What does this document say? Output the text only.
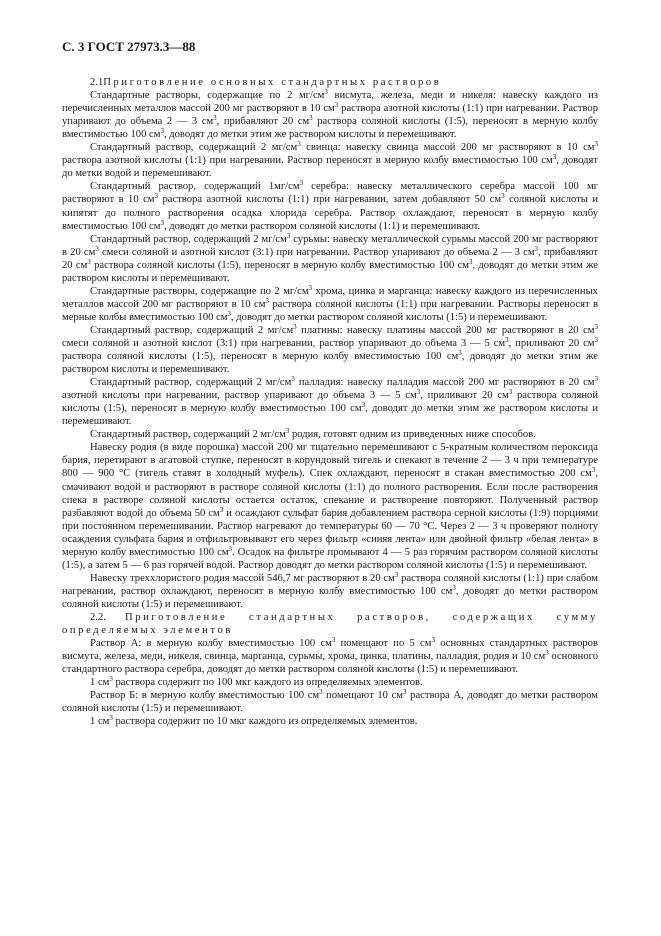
С. 3 ГОСТ 27973.3—88
2.1Приготовление основных стандартных растворов

Стандартные растворы, содержащие по 2 $мг/см^3$ висмута, железа, меди и никеля: навеску каждого из перечисленных металлов массой 200 мг растворяют в 10 $см^3$ раствора азотной кислоты (1:1) при нагревании. Раствор упаривают до объема 2 — 3 $см^3$, прибавляют 20 $см^3$ раствора соляной кислоты (1:5), переносят в мерную колбу вместимостью 100 $см^3$, доводят до метки этим же раствором кислоты и перемешивают.

Стандартный раствор, содержащий 2 $мг/см^3$ свинца: навеску свинца массой 200 мг растворяют в 10 $см^3$ раствора азотной кислоты (1:1) при нагревании. Раствор переносят в мерную колбу вместимостью 100 $см^3$, доводят до метки водой и перемешивают.

Стандартный раствор, содержащий $1мг/см^3$ серебра: навеску металлического серебра массой 100 мг растворяют в 10 $см^3$ раствора азотной кислоты (1:1) при нагревании, затем добавляют 50 $см^3$ соляной кислоты и кипятят до полного растворения осадка хлорида серебра. Раствор охлаждают, переносят в мерную колбу вместимостью 100 $см^3$, доводят до метки раствором соляной кислоты (1:1) и перемешивают.

Стандартный раствор, содержащий 2 $мг/см^3$ сурьмы: навеску металлической сурьмы массой 200 мг растворяют в 20 $см^3$ смеси соляной и азотной кислот (3:1) при нагревании. Раствор упаривают до объема 2 — 3 $см^3$, прибавляют 20 $см^3$ раствора соляной кислоты (1:5), переносят в мерную колбу вместимостью 100 $см^3$, доводят до метки этим же раствором кислоты и перемешивают.

Стандартные растворы, содержащие по 2 $мг/см^3$ хрома, цинка и марганца: навеску каждого из перечисленных металлов массой 200 мг растворяют в 10 $см^3$ раствора соляной кислоты (1:1) при нагревании. Растворы переносят в мерные колбы вместимостью 100 $см^3$, доводят до метки раствором соляной кислоты (1:5) и перемешивают.

Стандартный раствор, содержащий 2 $мг/см^3$ платины: навеску платины массой 200 мг растворяют в 20 $см^3$ смеси соляной и азотной кислот (3:1) при нагревании, раствор упаривают до объема 3 — 5 $см^3$, приливают 20 $см^3$ раствора соляной кислоты (1:5), переносят в мерную колбу вместимостью 100 $см^3$, доводят до метки этим же раствором кислоты и перемешивают.

Стандартный раствор, содержащий 2 $мг/см^3$ палладия: навеску палладия массой 200 мг растворяют в 20 $см^3$ азотной кислоты при нагревании, раствор упаривают до объема 3 — 5 $см^3$, приливают 20 $см^3$ раствора соляной кислоты (1:5), переносят в мерную колбу вместимостью 100 $см^3$, доводят до метки этим же раствором кислоты и перемешивают.

Стандартный раствор, содержащий 2 $мг/см^3$ родия, готовят одним из приведенных ниже способов.

Навеску родия (в виде порошка) массой 200 мг тщательно перемешивают с 5-кратным количеством пероксида бария, перетирают в агатовой ступке, переносят в корундовый тигель и спекают в течение 2 — 3 ч при температуре 800 — 900 °С (тигель ставят в холодный муфель). Спек охлаждают, переносят в стакан вместимостью 200 $см^3$, смачивают водой и растворяют в растворе соляной кислоты (1:1) до полного растворения. Если после растворения спека в растворе соляной кислоты остается остаток, спекание и растворение повторяют. Полученный раствор разбавляют водой до объема 50 $см^3$ и осаждают сульфат бария добавлением раствора серной кислоты (1:9) порциями при постоянном перемешивании. Раствор нагревают до температуры 60 — 70 °С. Через 2 — 3 ч проверяют полноту осаждения сульфата бария и отфильтровывают его через фильтр «синяя лента» или двойной фильтр «белая лента» в мерную колбу вместимостью 100 $см^3$. Осадок на фильтре промывают 4 — 5 раз горячим раствором соляной кислоты (1:5), а затем 5 — 6 раз горячей водой. Раствор доводят до метки раствором соляной кислоты (1:5) и перемешивают.

Навеску треххлористого родия массой 546,7 мг растворяют в 20 $см^3$ раствора соляной кислоты (1:1) при слабом нагревании, раствор охлаждают, переносят в мерную колбу вместимостью 100 $см^3$, доводят до метки раствором соляной кислоты (1:5) и перемешивают.

2.2. Приготовление стандартных растворов, содержащих сумму определяемых элементов

Раствор А: в мерную колбу вместимостью 100 $см^3$ помещают по 5 $см^3$ основных стандартных растворов висмута, железа, меди, никеля, свинца, марганца, сурьмы, хрома, цинка, платины, палладия, родия и 10 $см^3$ основного стандартного раствора серебра, доводят до метки раствором соляной кислоты (1:5) и перемешивают.

1 $см^3$ раствора содержит по 100 мкг каждого из определяемых элементов.

Раствор Б: в мерную колбу вместимостью 100 $см^3$ помещают 10 $см^3$ раствора А, доводят до метки раствором соляной кислоты (1:5) и перемешивают.

1 $см^3$ раствора содержит по 10 мкг каждого из определяемых элементов.
